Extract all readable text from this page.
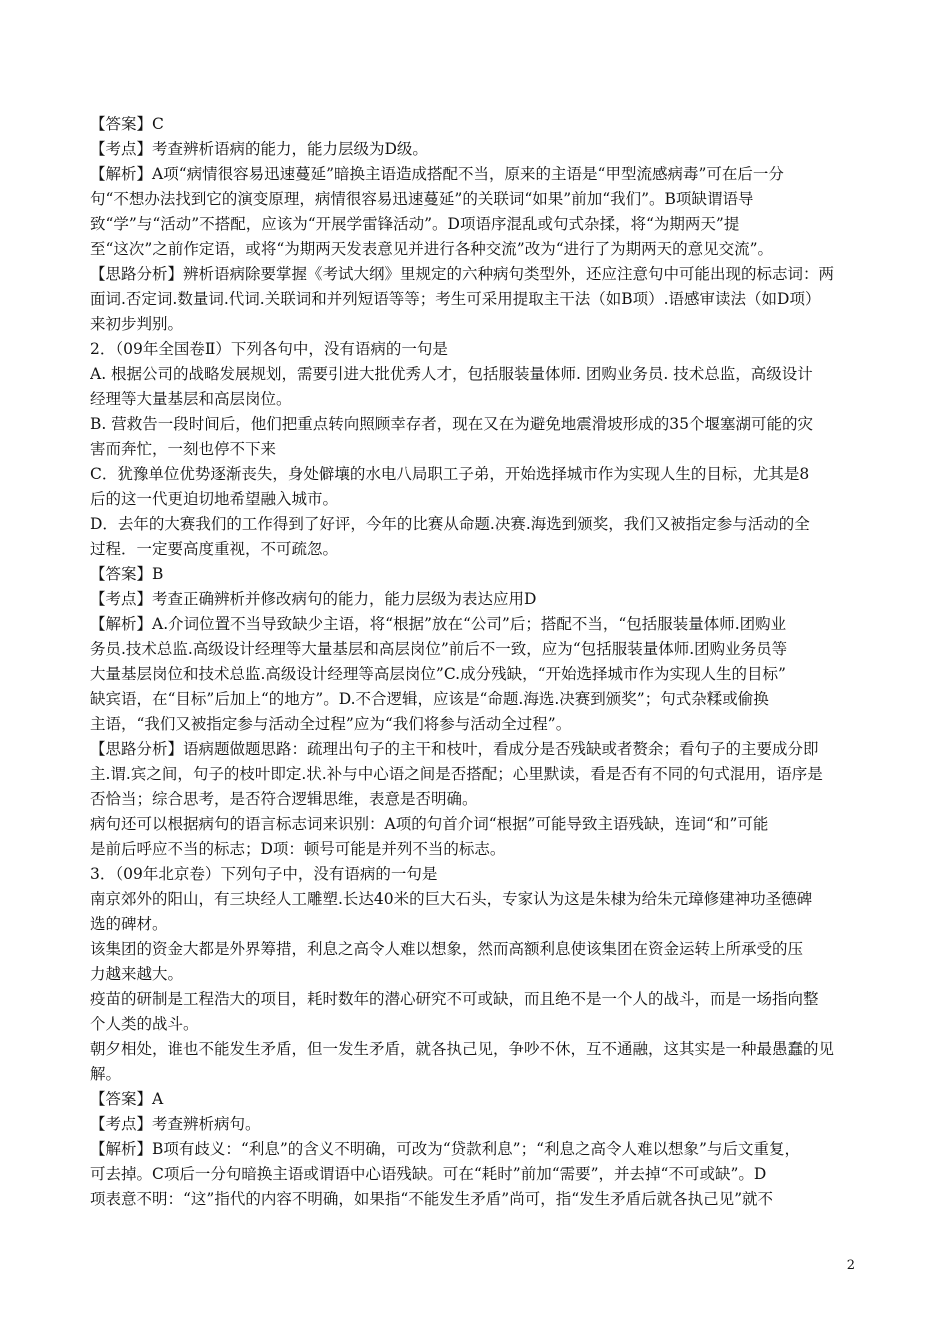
【答案】C
【考点】考查辨析语病的能力，能力层级为D级。
【解析】A项“病情很容易迅速蔓延”暗换主语造成搭配不当，原来的主语是“甲型流感病毒”可在后一分
句“不想办法找到它的演变原理，病情很容易迅速蔓延”的关联词“如果”前加“我们”。B项缺谓语导
致“学”与“活动”不搭配，应该为“开展学雷锋活动”。D项语序混乱或句式杂揉，将“为期两天”提
至“这次”之前作定语，或将“为期两天发表意见并进行各种交流”改为“进行了为期两天的意见交流”。
【思路分析】辨析语病除要掌握《考试大纲》里规定的六种病句类型外，还应注意句中可能出现的标志词：两
面词.否定词.数量词.代词.关联词和并列短语等等；考生可采用提取主干法（如B项）.语感审读法（如D项）
来初步判别。
2．（09年全国卷Ⅱ）下列各句中，没有语病的一句是
A. 根据公司的战略发展规划，需要引进大批优秀人才，包括服装量体师. 团购业务员. 技术总监，高级设计
经理等大量基层和高层岗位。
B. 营救告一段时间后，他们把重点转向照顾幸存者，现在又在为避免地震滑坡形成的35个堰塞湖可能的灾
害而奔忙，一刻也停不下来
C．犹豫单位优势逐渐丧失，身处僻壤的水电八局职工子弟，开始选择城市作为实现人生的目标，尤其是8
后的这一代更迫切地希望融入城市。
D．去年的大赛我们的工作得到了好评，今年的比赛从命题.决赛.海选到颁奖，我们又被指定参与活动的全
过程．一定要高度重视，不可疏忽。
【答案】B
【考点】考查正确辨析并修改病句的能力，能力层级为表达应用D
【解析】A.介词位置不当导致缺少主语，将“根据”放在“公司”后；搭配不当，“包括服装量体师.团购业
务员.技术总监.高级设计经理等大量基层和高层岗位”前后不一致，应为“包括服装量体师.团购业务员等
大量基层岗位和技术总监.高级设计经理等高层岗位”C.成分残缺，“开始选择城市作为实现人生的目标”
缺宾语，在“目标”后加上“的地方”。D.不合逻辑，应该是“命题.海选.决赛到颁奖”；句式杂糅或偷换
主语，“我们又被指定参与活动全过程”应为“我们将参与活动全过程”。
【思路分析】语病题做题思路：疏理出句子的主干和枝叶，看成分是否残缺或者赘余；看句子的主要成分即
主.谓.宾之间，句子的枝叶即定.状.补与中心语之间是否搭配；心里默读，看是否有不同的句式混用，语序是
否恰当；综合思考，是否符合逻辑思维，表意是否明确。
病句还可以根据病句的语言标志词来识别：A项的句首介词“根据”可能导致主语残缺，连词“和”可能
是前后呼应不当的标志；D项：顿号可能是并列不当的标志。
3．（09年北京卷）下列句子中，没有语病的一句是
南京郊外的阳山，有三块经人工雕塑.长达40米的巨大石头，专家认为这是朱棣为给朱元璋修建神功圣德碑
选的碑材。
该集团的资金大都是外界筹措，利息之高令人难以想象，然而高额利息使该集团在资金运转上所承受的压
力越来越大。
疫苗的研制是工程浩大的项目，耗时数年的潜心研究不可或缺，而且绝不是一个人的战斗，而是一场指向整
个人类的战斗。
朝夕相处，谁也不能发生矛盾，但一发生矛盾，就各执己见，争吵不休，互不通融，这其实是一种最愚蠢的见
解。
【答案】A
【考点】考查辨析病句。
【解析】B项有歧义：“利息”的含义不明确，可改为“贷款利息”；“利息之高令人难以想象”与后文重复，
可去掉。C项后一分句暗换主语或谓语中心语残缺。可在“耗时”前加“需要”，并去掉“不可或缺”。D
项表意不明：“这”指代的内容不明确，如果指“不能发生矛盾”尚可，指“发生矛盾后就各执己见”就不
2
